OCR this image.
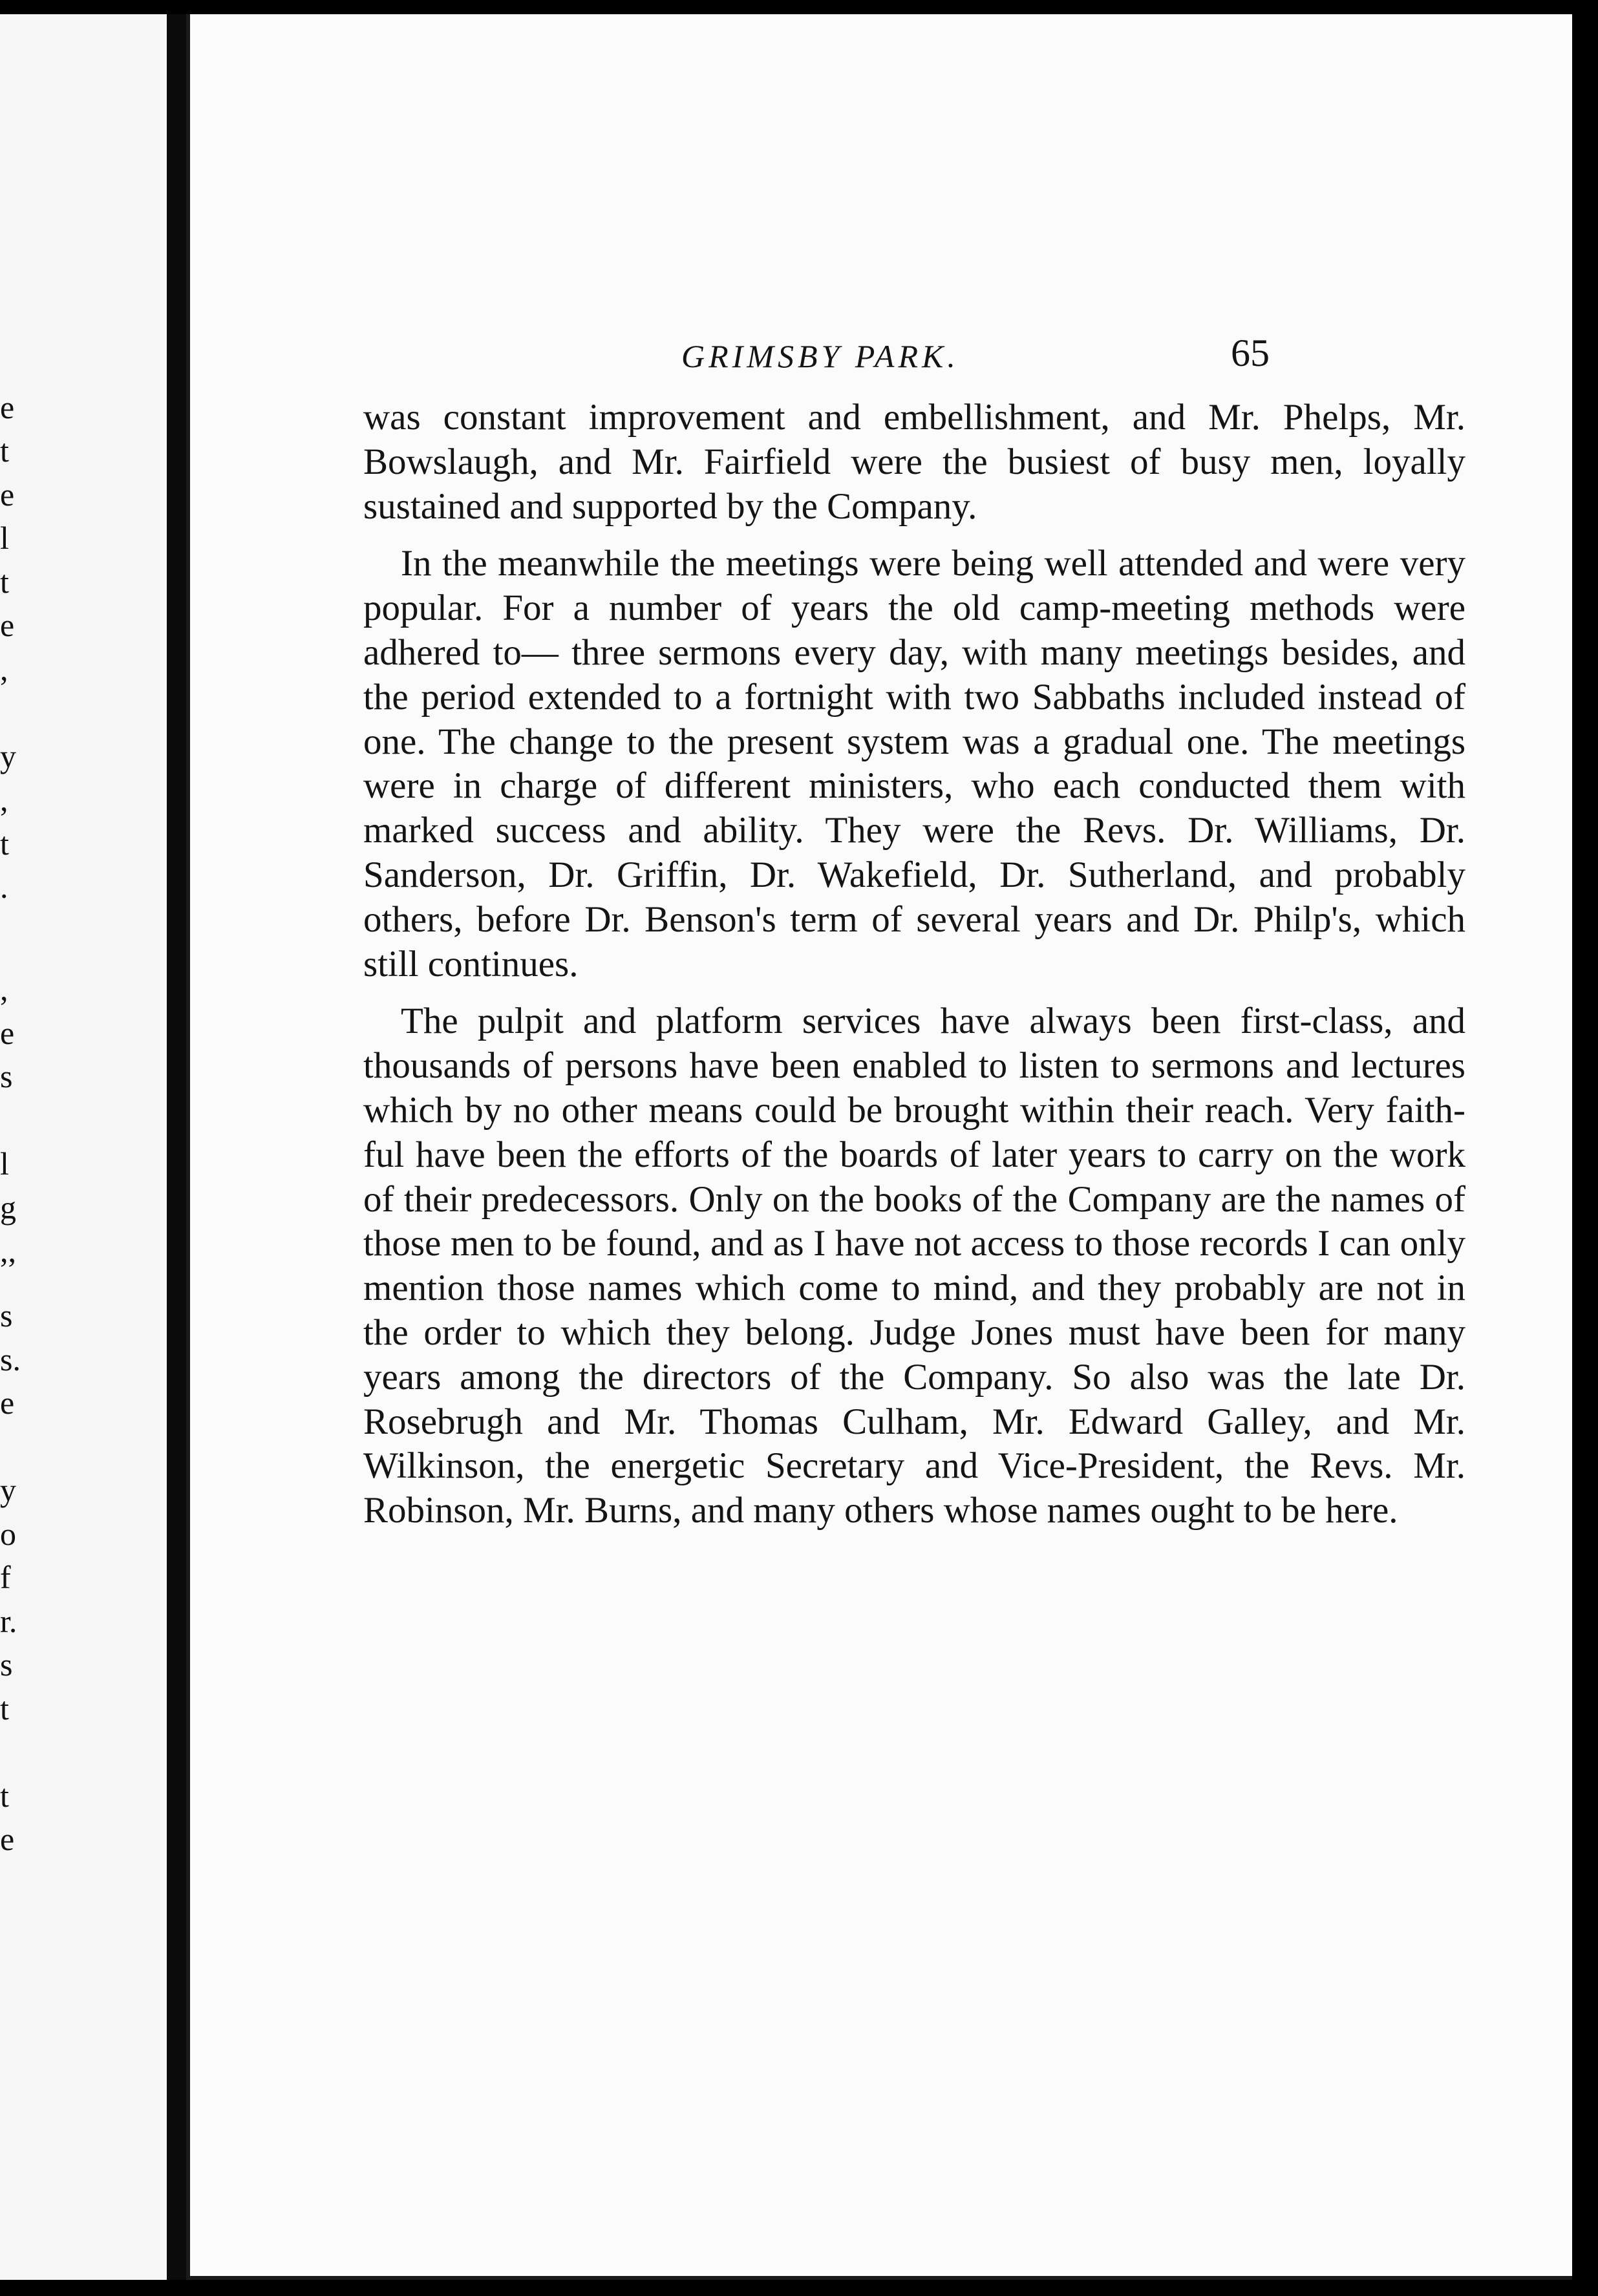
e
t
e
l
t
e
,
y
,
t
.
,
e
s
l
g
,,
s
s.
e
y
o
f
r.
s
t
t
e
GRIMSBY PARK.	65

was constant improvement and embellishment, and Mr. Phelps, Mr. Bowslaugh, and Mr. Fairfield were the busiest of busy men, loyally sustained and supported by the Company.

In the meanwhile the meetings were being well attended and were very popular. For a number of years the old camp-meeting methods were adhered to— three sermons every day, with many meetings besides, and the period extended to a fortnight with two Sabbaths included instead of one. The change to the present system was a gradual one. The meetings were in charge of different ministers, who each conducted them with marked success and ability. They were the Revs. Dr. Williams, Dr. Sanderson, Dr. Griffin, Dr. Wakefield, Dr. Sutherland, and probably others, before Dr. Benson's term of several years and Dr. Philp's, which still continues.

The pulpit and platform services have always been first-class, and thousands of persons have been enabled to listen to sermons and lectures which by no other means could be brought within their reach. Very faithful have been the efforts of the boards of later years to carry on the work of their predecessors. Only on the books of the Company are the names of those men to be found, and as I have not access to those records I can only mention those names which come to mind, and they probably are not in the order to which they belong. Judge Jones must have been for many years among the directors of the Company. So also was the late Dr. Rosebrugh and Mr. Thomas Culham, Mr. Edward Galley, and Mr. Wilkinson, the energetic Secretary and Vice-President, the Revs. Mr. Robinson, Mr. Burns, and many others whose names ought to be here.
